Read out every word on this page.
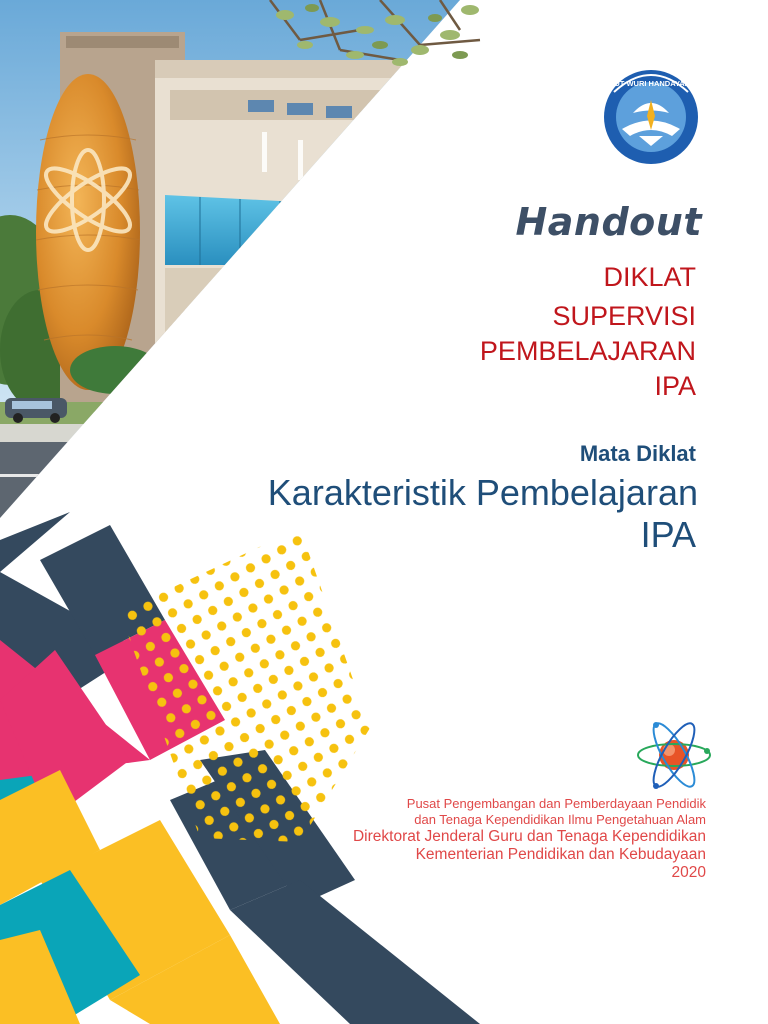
TUT WURI HANDAYANI
Handout
DIKLAT
SUPERVISI
PEMBELAJARAN
IPA
Mata Diklat
Karakteristik Pembelajaran
IPA
Pusat Pengembangan dan Pemberdayaan Pendidik
dan Tenaga Kependidikan Ilmu Pengetahuan Alam
Direktorat Jenderal Guru dan Tenaga Kependidikan
Kementerian Pendidikan dan Kebudayaan
2020
